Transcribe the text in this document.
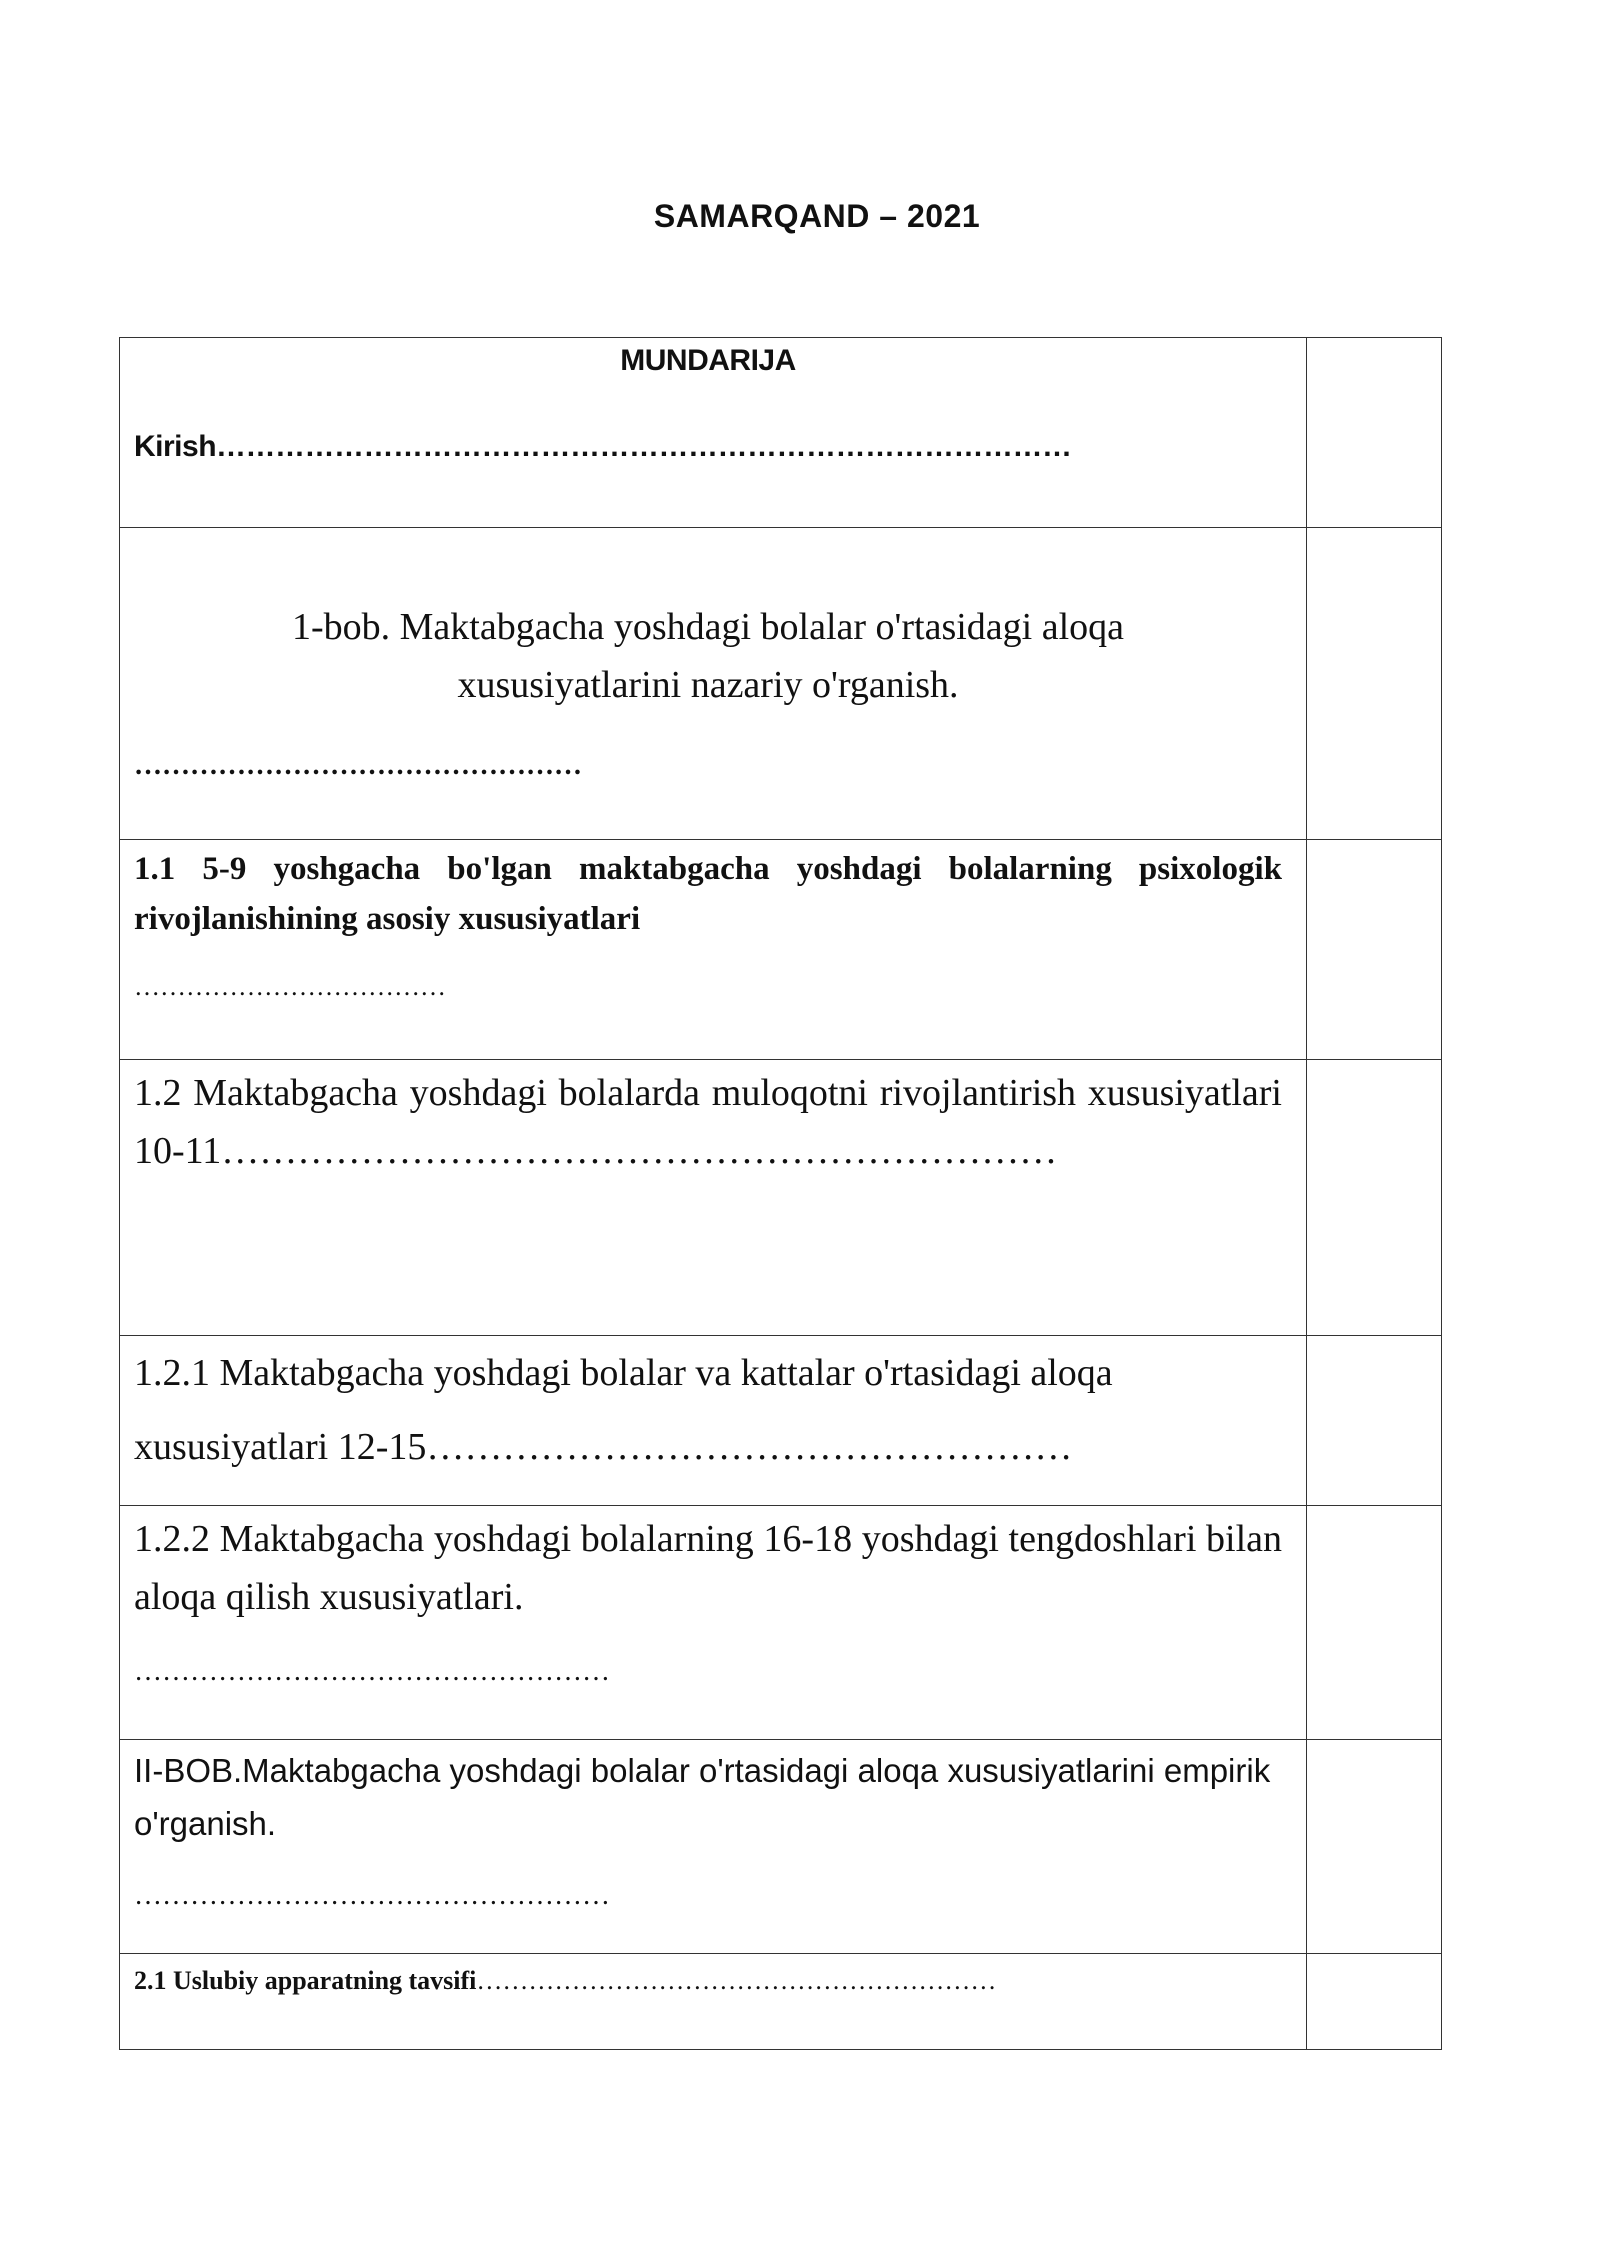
SAMARQAND – 2021
MUNDARIJA
Kirish……………………………………………………………………………	

1-bob. Maktabgacha yoshdagi bolalar o'rtasidagi aloqa xususiyatlarini nazariy o'rganish.
…………………………………………	

1.1 5-9 yoshgacha bo'lgan maktabgacha yoshdagi bolalarning psixologik rivojlanishining asosiy xususiyatlari
………………………………	

1.2 Maktabgacha yoshdagi bolalarda muloqotni rivojlantirish xususiyatlari 10-11…………………………………………………………	

1.2.1 Maktabgacha yoshdagi bolalar va kattalar o'rtasidagi aloqa
xususiyatlari 12-15……………………………………………	

1.2.2 Maktabgacha yoshdagi bolalarning 16-18 yoshdagi tengdoshlari bilan aloqa qilish xususiyatlari.
……………………………………………	

II-BOB.Maktabgacha yoshdagi bolalar o'rtasidagi aloqa xususiyatlarini empirik o'rganish.
……………………………………………	

2.1 Uslubiy apparatning tavsifi……………………………………………………	
